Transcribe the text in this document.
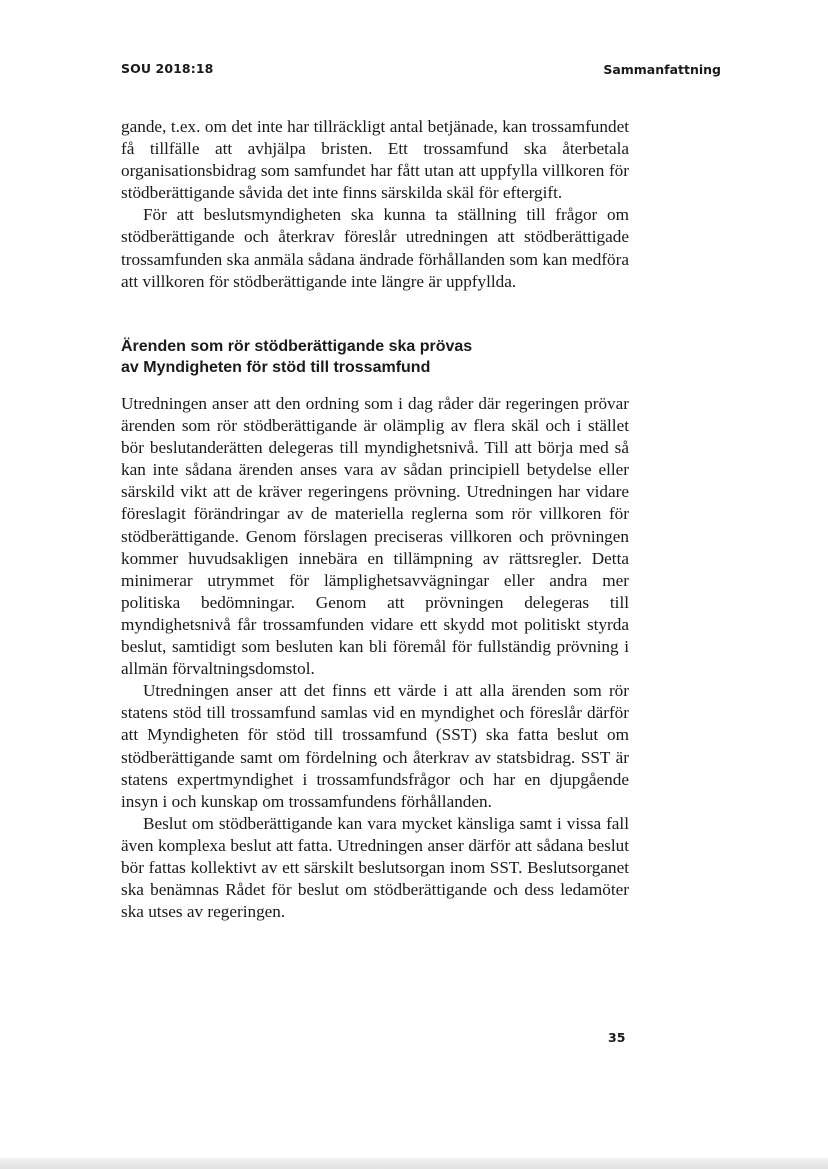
SOU 2018:18	Sammanfattning

gande, t.ex. om det inte har tillräckligt antal betjänade, kan trossamfundet få tillfälle att avhjälpa bristen. Ett trossamfund ska återbetala organisationsbidrag som samfundet har fått utan att uppfylla villkoren för stödberättigande såvida det inte finns särskilda skäl för eftergift.

För att beslutsmyndigheten ska kunna ta ställning till frågor om stödberättigande och återkrav föreslår utredningen att stödberättigade trossamfunden ska anmäla sådana ändrade förhållanden som kan medföra att villkoren för stödberättigande inte längre är uppfyllda.

Ärenden som rör stödberättigande ska prövas
av Myndigheten för stöd till trossamfund

Utredningen anser att den ordning som i dag råder där regeringen prövar ärenden som rör stödberättigande är olämplig av flera skäl och i stället bör beslutanderätten delegeras till myndighetsnivå. Till att börja med så kan inte sådana ärenden anses vara av sådan principiell betydelse eller särskild vikt att de kräver regeringens prövning. Utredningen har vidare föreslagit förändringar av de materiella reglerna som rör villkoren för stödberättigande. Genom förslagen preciseras villkoren och prövningen kommer huvudsakligen innebära en tillämpning av rättsregler. Detta minimerar utrymmet för lämplighetsavvägningar eller andra mer politiska bedömningar. Genom att prövningen delegeras till myndighetsnivå får trossamfunden vidare ett skydd mot politiskt styrda beslut, samtidigt som besluten kan bli föremål för fullständig prövning i allmän förvaltningsdomstol.

Utredningen anser att det finns ett värde i att alla ärenden som rör statens stöd till trossamfund samlas vid en myndighet och föreslår därför att Myndigheten för stöd till trossamfund (SST) ska fatta beslut om stödberättigande samt om fördelning och återkrav av statsbidrag. SST är statens expertmyndighet i trossamfundsfrågor och har en djupgående insyn i och kunskap om trossamfundens förhållanden.

Beslut om stödberättigande kan vara mycket känsliga samt i vissa fall även komplexa beslut att fatta. Utredningen anser därför att sådana beslut bör fattas kollektivt av ett särskilt beslutsorgan inom SST. Beslutsorganet ska benämnas Rådet för beslut om stödberättigande och dess ledamöter ska utses av regeringen.

35
